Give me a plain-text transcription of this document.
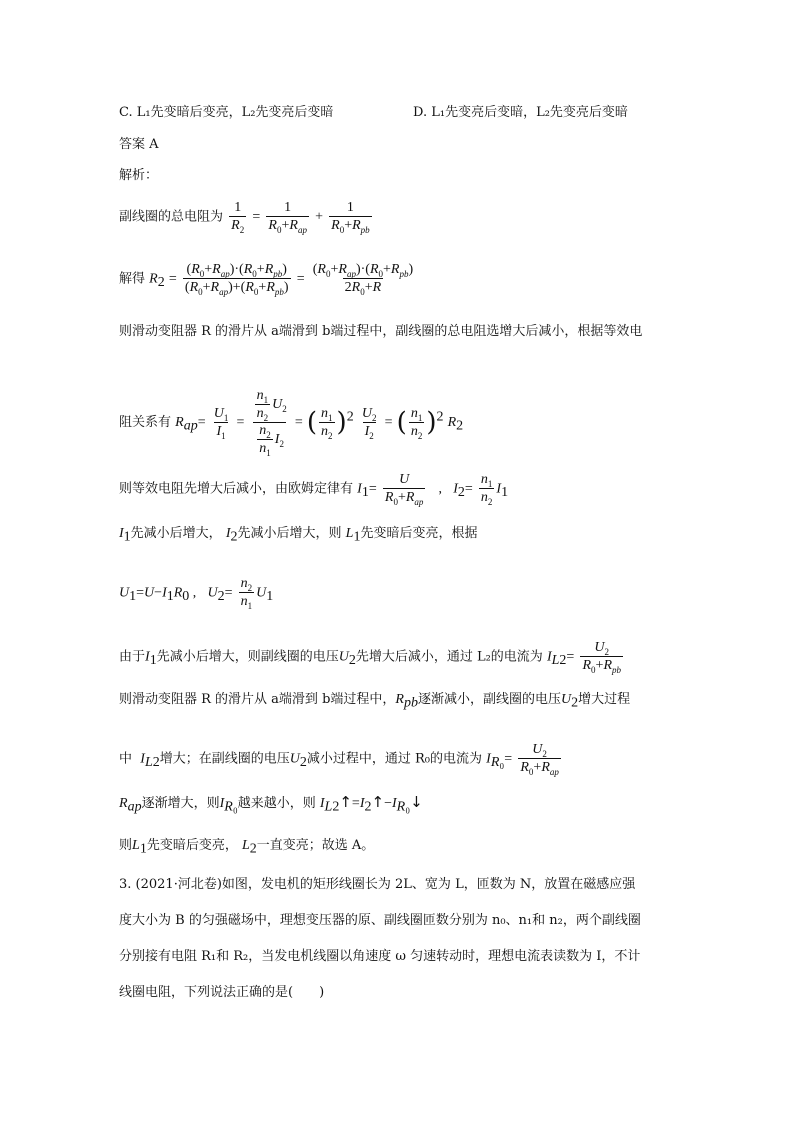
C. L₁先变暗后变亮，L₂先变亮后变暗	D. L₁先变亮后变暗，L₂先变亮后变暗
答案 A
解析：
副线圈的总电阻为 $\frac{1}{R_2} = \frac{1}{R_0+R_{ap}} + \frac{1}{R_0+R_{pb}}$
解得 $R_2 = \frac{(R_0+R_{ap})\cdot(R_0+R_{pb})}{(R_0+R_{ap})+(R_0+R_{pb})} = \frac{(R_0+R_{ap})\cdot(R_0+R_{pb})}{2R_0+R}$
则滑动变阻器 R 的滑片从 a端滑到 b端过程中，副线圈的总电阻选增大后减小，根据等效电
阻关系有 $R_{ap}= \frac{U_1}{I_1} = \frac{\frac{n_1}{n_2} U_2}{\frac{n_2}{n_1} I_2}$ = ( $\frac{n_1}{n_2} )^2 \frac{U_2}{I_2}$ = ( $\frac{n_1}{n_2} )^2$ $R_2$
则等效电阻先增大后减小，由欧姆定律有 $I_1= \frac{U}{R_0+R_{ap}}$ ,   $I_2= \frac{n_1}{n_2} I_1$
$I_1$先减小后增大， $I_2$先减小后增大，则 $L_1$先变暗后变亮，根据
$U_1=U-I_1R_0$ ,   $U_2= \frac{n_2}{n_1} U_1$
由于$I_1$先减小后增大，则副线圈的电压$U_2$先增大后减小，通过 L₂的电流为 $I_{L2}= \frac{U_2}{R_0+R_{pb}}$
则滑动变阻器 R 的滑片从 a端滑到 b端过程中，$R_{pb}$逐渐减小，副线圈的电压$U_2$增大过程
中 $I_{L2}$增大；在副线圈的电压$U_2$减小过程中，通过 R₀的电流为 $I_{R_0}= \frac{U_2}{R_0+R_{ap}}$
$R_{ap}$逐渐增大，则$I_{R_0}$越来越小，则 $I_{L2}↑=I_2↑-I_{R_0}↓$
则$L_1$先变暗后变亮， $L_2$一直变亮；故选 A。
3. (2021·河北卷)如图，发电机的矩形线圈长为 2L、宽为 L，匝数为 N，放置在磁感应强
度大小为 B 的匀强磁场中，理想变压器的原、副线圈匝数分别为 n₀、n₁和 n₂，两个副线圈
分别接有电阻 R₁和 R₂，当发电机线圈以角速度 ω 匀速转动时，理想电流表读数为 I，不计
线圈电阻，下列说法正确的是(　　)
